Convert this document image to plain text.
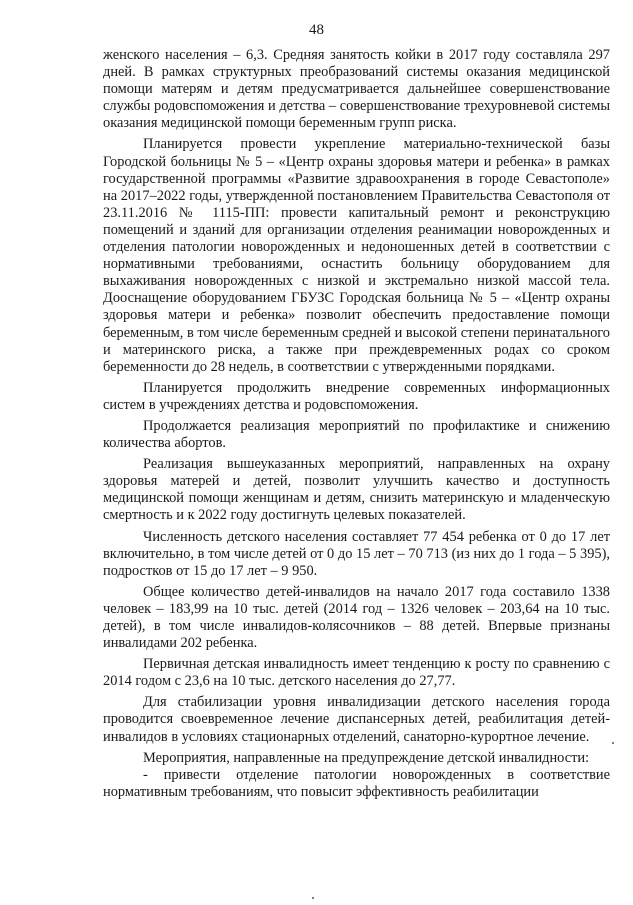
48

женского населения – 6,3. Средняя занятость койки в 2017 году составляла 297 дней. В рамках структурных преобразований системы оказания медицинской помощи матерям и детям предусматривается дальнейшее совершенствование службы родовспоможения и детства – совершенствование трехуровневой системы оказания медицинской помощи беременным групп риска.

Планируется провести укрепление материально-технической базы Городской больницы № 5 – «Центр охраны здоровья матери и ребенка» в рамках государственной программы «Развитие здравоохранения в городе Севастополе» на 2017–2022 годы, утвержденной постановлением Правительства Севастополя от 23.11.2016 № 1115-ПП: провести капитальный ремонт и реконструкцию помещений и зданий для организации отделения реанимации новорожденных и отделения патологии новорожденных и недоношенных детей в соответствии с нормативными требованиями, оснастить больницу оборудованием для выхаживания новорожденных с низкой и экстремально низкой массой тела. Дооснащение оборудованием ГБУЗС Городская больница № 5 – «Центр охраны здоровья матери и ребенка» позволит обеспечить предоставление помощи беременным, в том числе беременным средней и высокой степени перинатального и материнского риска, а также при преждевременных родах со сроком беременности до 28 недель, в соответствии с утвержденными порядками.

Планируется продолжить внедрение современных информационных систем в учреждениях детства и родовспоможения.

Продолжается реализация мероприятий по профилактике и снижению количества абортов.

Реализация вышеуказанных мероприятий, направленных на охрану здоровья матерей и детей, позволит улучшить качество и доступность медицинской помощи женщинам и детям, снизить материнскую и младенческую смертность и к 2022 году достигнуть целевых показателей.

Численность детского населения составляет 77 454 ребенка от 0 до 17 лет включительно, в том числе детей от 0 до 15 лет – 70 713 (из них до 1 года – 5 395), подростков от 15 до 17 лет – 9 950.

Общее количество детей-инвалидов на начало 2017 года составило 1338 человек – 183,99 на 10 тыс. детей (2014 год – 1326 человек – 203,64 на 10 тыс. детей), в том числе инвалидов-колясочников – 88 детей. Впервые признаны инвалидами 202 ребенка.

Первичная детская инвалидность имеет тенденцию к росту по сравнению с 2014 годом с 23,6 на 10 тыс. детского населения до 27,77.

Для стабилизации уровня инвалидизации детского населения города проводится своевременное лечение диспансерных детей, реабилитация детей-инвалидов в условиях стационарных отделений, санаторно-курортное лечение.

Мероприятия, направленные на предупреждение детской инвалидности:

- привести отделение патологии новорожденных в соответствие нормативным требованиям, что повысит эффективность реабилитации
